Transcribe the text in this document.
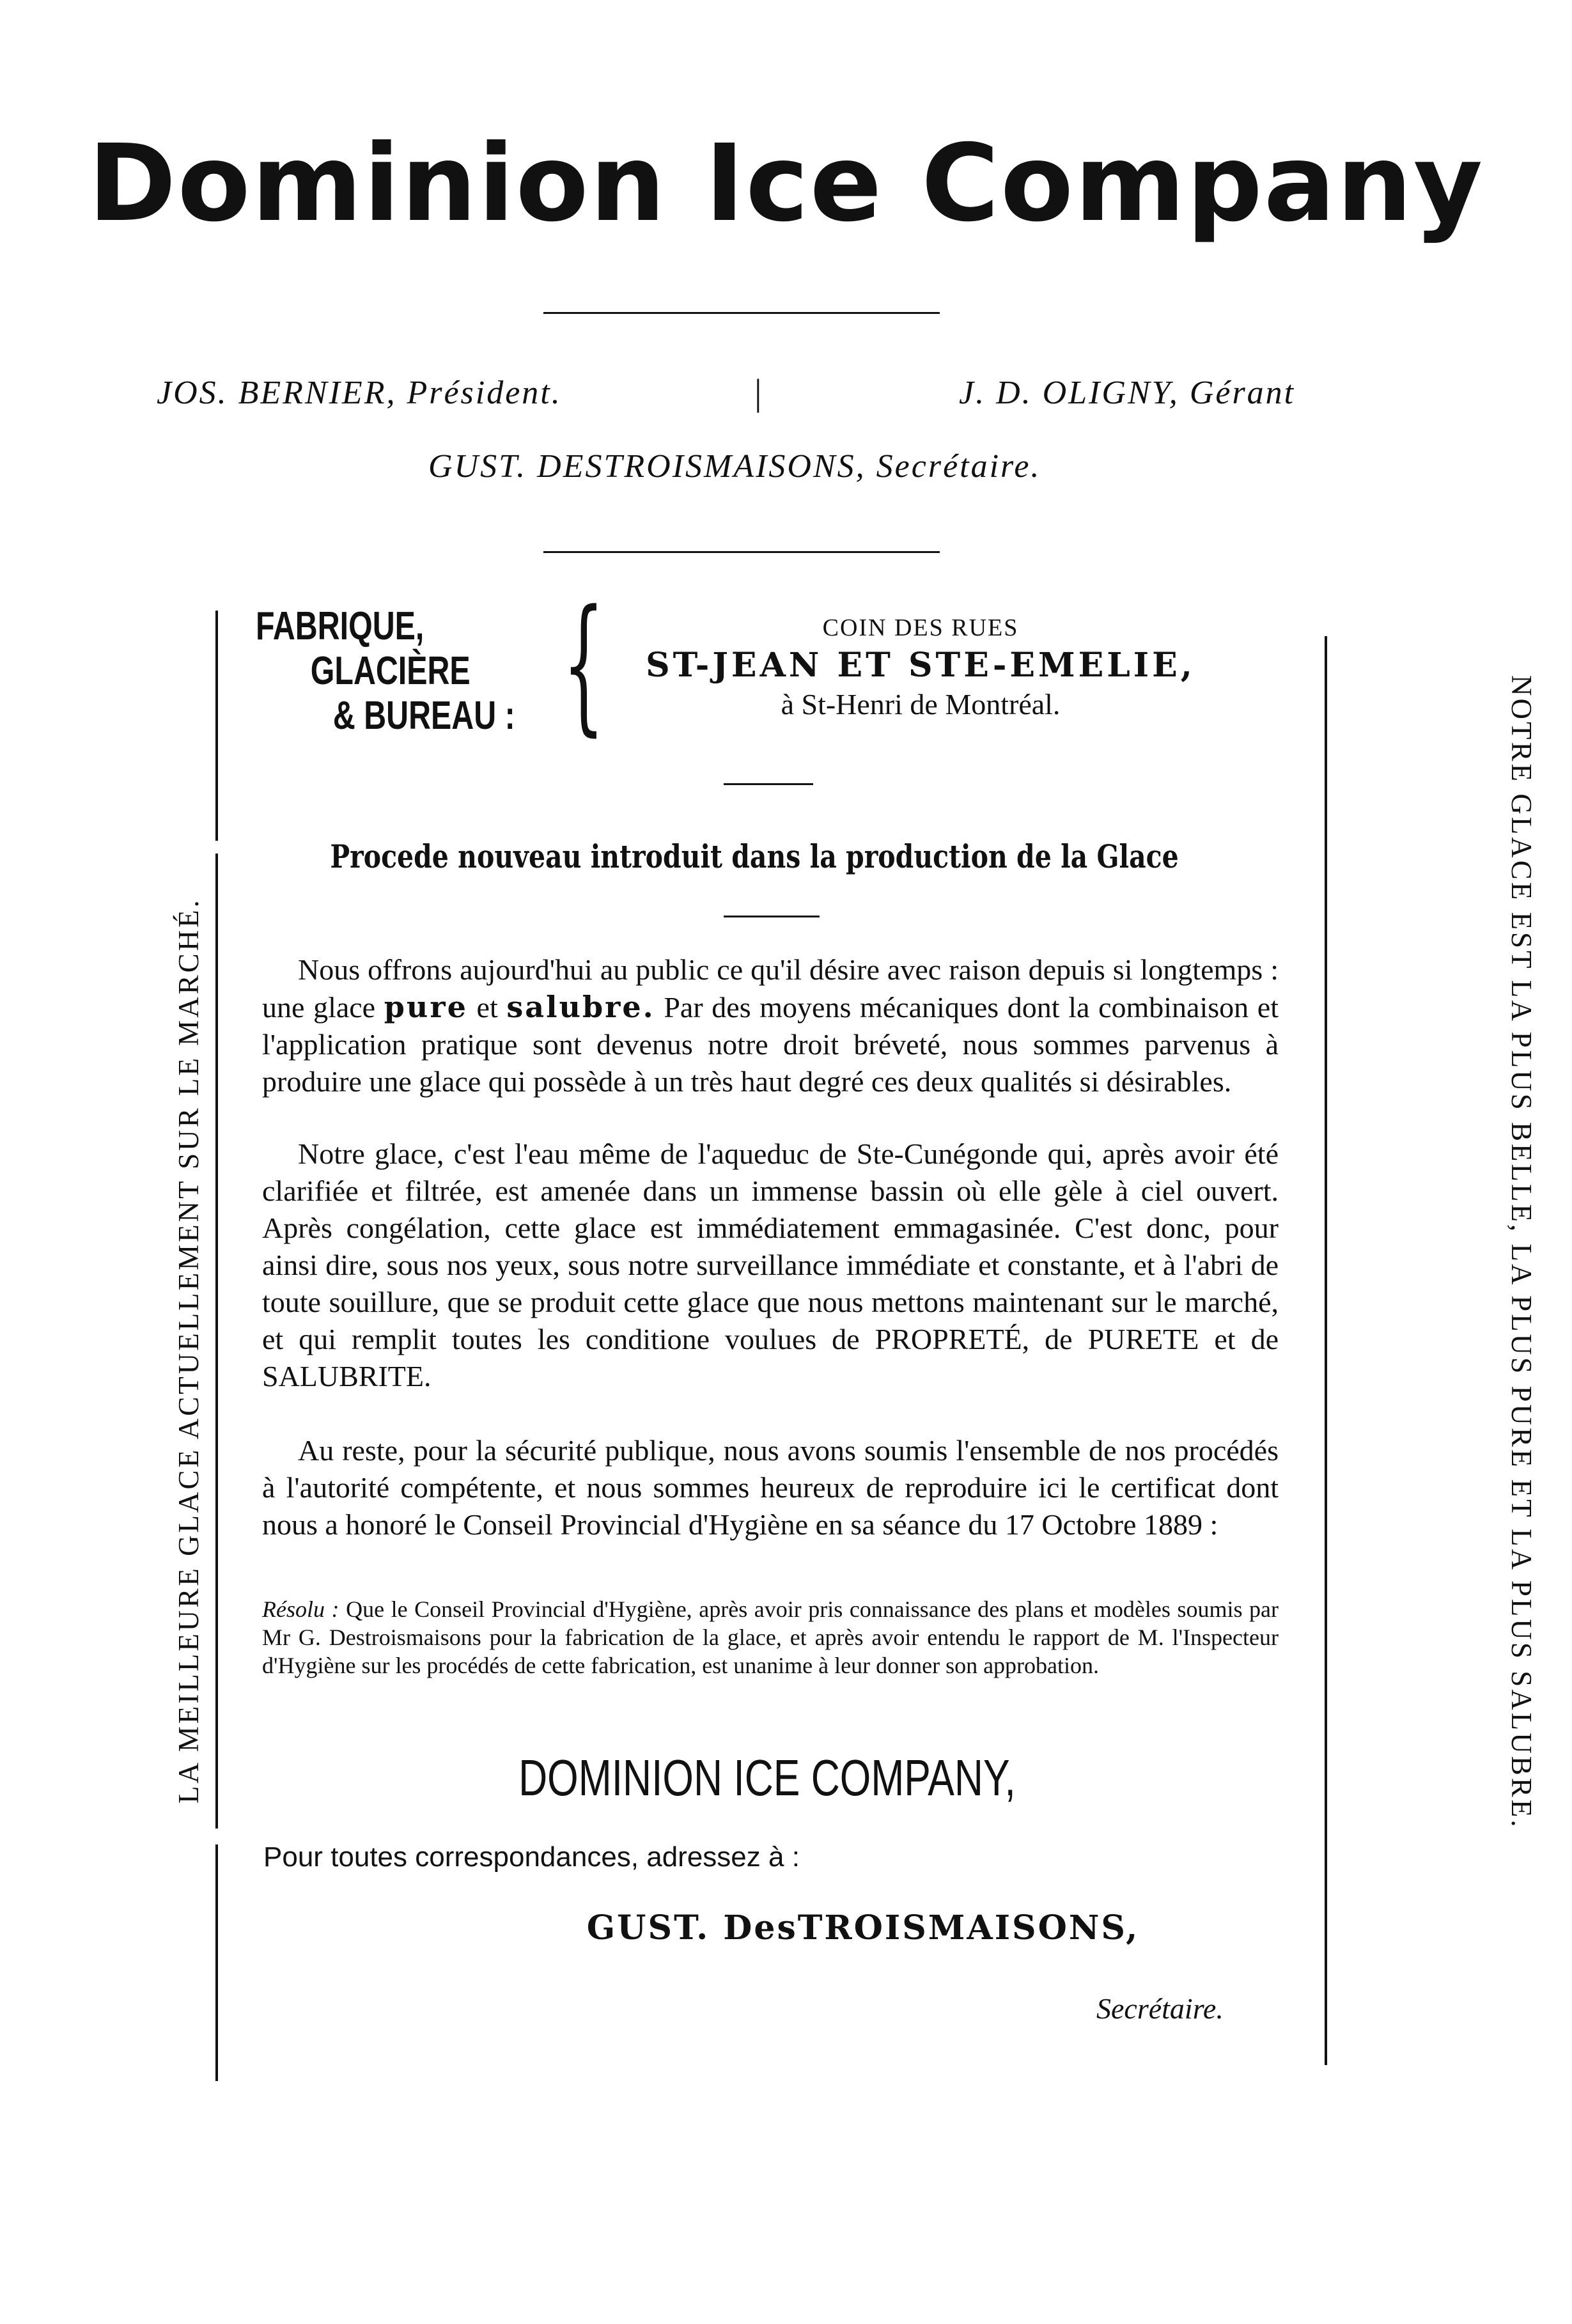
Dominion Ice Company
JOS. BERNIER, Président.	|	J. D. OLIGNY, Gérant
GUST. DESTROISMAISONS, Secrétaire.
LA MEILLEURE GLACE ACTUELLEMENT SUR LE MARCHÉ.	NOTRE GLACE EST LA PLUS BELLE, LA PLUS PURE ET LA PLUS SALUBRE.
FABRIQUE,
GLACIÈRE
& BUREAU : {	COIN DES RUES
ST-JEAN ET STE-EMELIE,
à St-Henri de Montréal.
Procede nouveau introduit dans la production de la Glace
Nous offrons aujourd'hui au public ce qu'il désire avec raison depuis si longtemps : une glace pure et salubre. Par des moyens mécaniques dont la combinaison et l'application pratique sont devenus notre droit bréveté, nous sommes parvenus à produire une glace qui possède à un très haut degré ces deux qualités si désirables.
Notre glace, c'est l'eau même de l'aqueduc de Ste-Cunégonde qui, après avoir été clarifiée et filtrée, est amenée dans un immense bassin où elle gèle à ciel ouvert. Après congélation, cette glace est immédiatement emmagasinée. C'est donc, pour ainsi dire, sous nos yeux, sous notre surveillance immédiate et constante, et à l'abri de toute souillure, que se produit cette glace que nous mettons maintenant sur le marché, et qui remplit toutes les conditione voulues de PROPRETÉ, de PURETE et de SALUBRITE.
Au reste, pour la sécurité publique, nous avons soumis l'ensemble de nos procédés à l'autorité compétente, et nous sommes heureux de reproduire ici le certificat dont nous a honoré le Conseil Provincial d'Hygiène en sa séance du 17 Octobre 1889 :
Résolu : Que le Conseil Provincial d'Hygiène, après avoir pris connaissance des plans et modèles soumis par Mr G. Destroismaisons pour la fabrication de la glace, et après avoir entendu le rapport de M. l'Inspecteur d'Hygiène sur les procédés de cette fabrication, est unanime à leur donner son approbation.
DOMINION ICE COMPANY,
Pour toutes correspondances, adressez à :
GUST. DesTROISMAISONS,
Secrétaire.
